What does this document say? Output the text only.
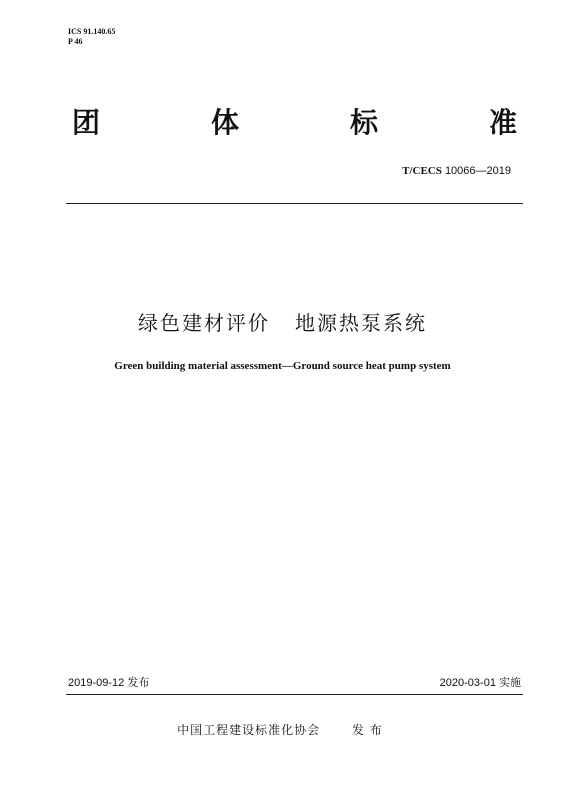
ICS 91.140.65
P 46
团	体	标	准
T/CECS 10066—2019
绿色建材评价   地源热泵系统
Green building material assessment—Ground source heat pump system
2019-09-12 发布	2020-03-01 实施
中国工程建设标准化协会	发布
